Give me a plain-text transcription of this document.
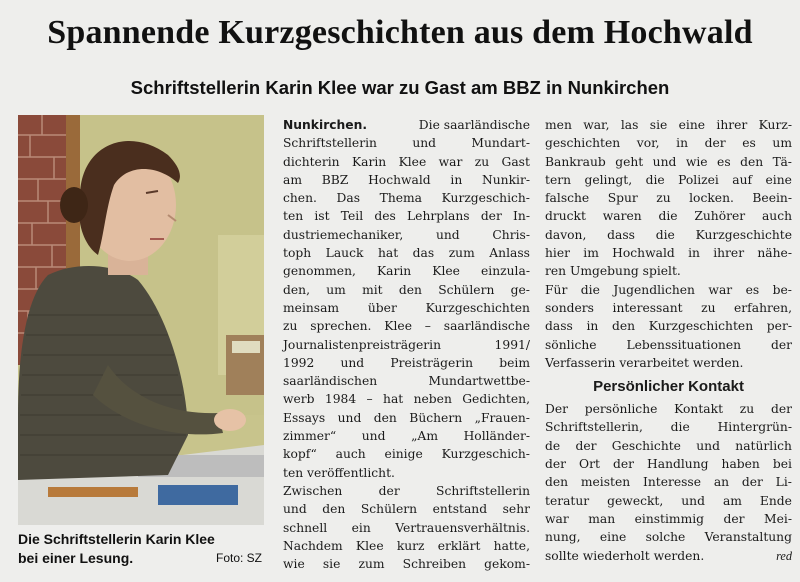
Spannende Kurzgeschichten aus dem Hochwald
Schriftstellerin Karin Klee war zu Gast am BBZ in Nunkirchen
Die Schriftstellerin Karin Klee bei einer Lesung.	Foto: SZ
Nunkirchen.	Die saarländische
Schriftstellerin	und	Mundart-
dichterin Karin Klee war zu Gast
am BBZ Hochwald in Nunkir-
chen. Das Thema Kurzgeschich-
ten ist Teil des Lehrplans der In-
dustriemechaniker,	und	Chris-
toph Lauck hat das zum Anlass
genommen, Karin Klee einzula-
den, um mit den Schülern ge-
meinsam über Kurzgeschichten
zu sprechen. Klee – saarländische
Journalistenpreisträgerin	1991/
1992 und Preisträgerin beim
saarländischen	Mundartwettbe-
werb 1984 – hat neben Gedichten,
Essays und den Büchern „Frauen-
zimmer“ und „Am Holländer-
kopf“ auch einige Kurzgeschich-
ten veröffentlicht.
Zwischen	der	Schriftstellerin
und den Schülern entstand sehr
schnell ein Vertrauensverhältnis.
Nachdem Klee kurz erklärt hatte,
wie sie zum Schreiben gekom-
men war, las sie eine ihrer Kurz-
geschichten vor, in der es um
Bankraub geht und wie es den Tä-
tern gelingt, die Polizei auf eine
falsche Spur zu locken. Beein-
druckt waren die Zuhörer auch
davon, dass die Kurzgeschichte
hier im Hochwald in ihrer nähe-
ren Umgebung spielt.
Für die Jugendlichen war es be-
sonders interessant zu erfahren,
dass in den Kurzgeschichten per-
sönliche Lebenssituationen der
Verfasserin verarbeitet werden.
Persönlicher Kontakt
Der persönliche Kontakt zu der
Schriftstellerin, die Hintergrün-
de der Geschichte und natürlich
der Ort der Handlung haben bei
den meisten Interesse an der Li-
teratur geweckt, und am Ende
war man einstimmig der Mei-
nung, eine solche Veranstaltung
sollte wiederholt werden.	red
